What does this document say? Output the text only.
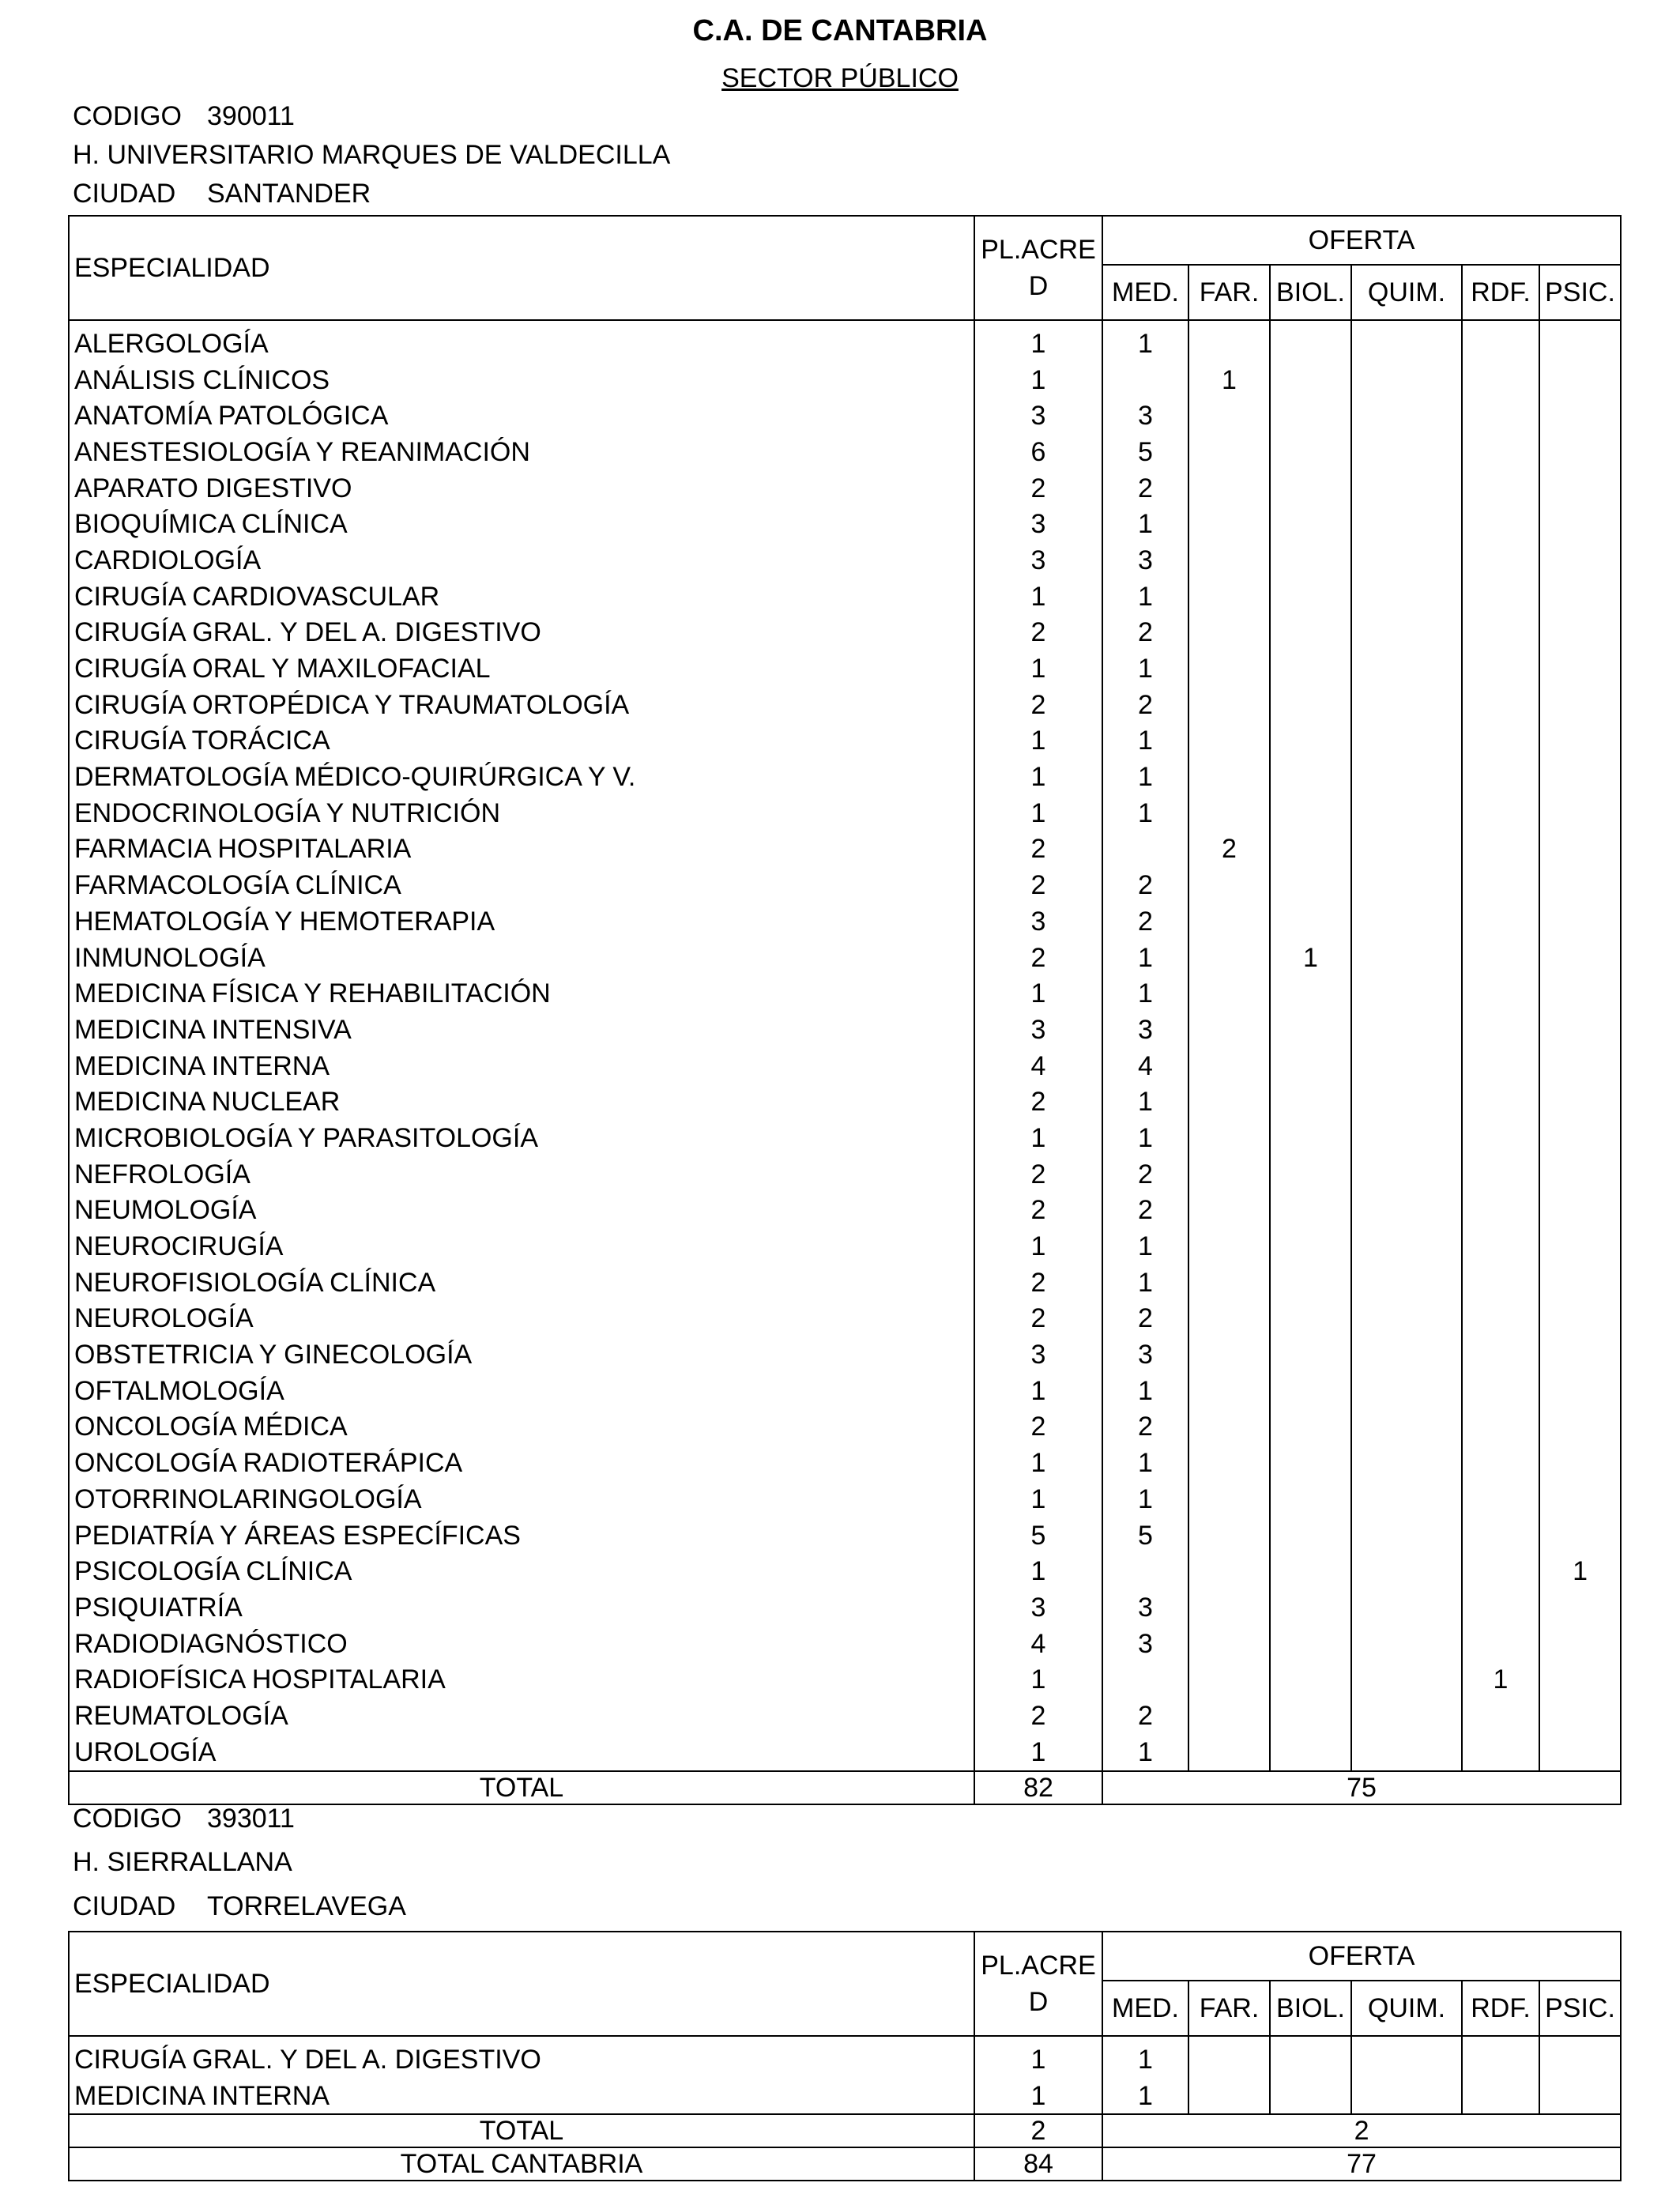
C.A. DE CANTABRIA
SECTOR PÚBLICO
CODIGO 390011
H. UNIVERSITARIO MARQUES DE VALDECILLA
CIUDAD SANTANDER
ESPECIALIDAD	PL.ACRE
D	OFERTA					
		MED.	FAR.	BIOL.	QUIM.	RDF.	PSIC.
ALERGOLOGÍA	1	1					
ANÁLISIS CLÍNICOS	1		1				
ANATOMÍA PATOLÓGICA	3	3					
ANESTESIOLOGÍA Y REANIMACIÓN	6	5					
APARATO DIGESTIVO	2	2					
BIOQUÍMICA CLÍNICA	3	1					
CARDIOLOGÍA	3	3					
CIRUGÍA CARDIOVASCULAR	1	1					
CIRUGÍA GRAL. Y DEL A. DIGESTIVO	2	2					
CIRUGÍA ORAL Y MAXILOFACIAL	1	1					
CIRUGÍA ORTOPÉDICA Y TRAUMATOLOGÍA	2	2					
CIRUGÍA TORÁCICA	1	1					
DERMATOLOGÍA MÉDICO-QUIRÚRGICA Y V.	1	1					
ENDOCRINOLOGÍA Y NUTRICIÓN	1	1					
FARMACIA HOSPITALARIA	2		2				
FARMACOLOGÍA CLÍNICA	2	2					
HEMATOLOGÍA Y HEMOTERAPIA	3	2					
INMUNOLOGÍA	2	1		1			
MEDICINA FÍSICA Y REHABILITACIÓN	1	1					
MEDICINA INTENSIVA	3	3					
MEDICINA INTERNA	4	4					
MEDICINA NUCLEAR	2	1					
MICROBIOLOGÍA Y PARASITOLOGÍA	1	1					
NEFROLOGÍA	2	2					
NEUMOLOGÍA	2	2					
NEUROCIRUGÍA	1	1					
NEUROFISIOLOGÍA CLÍNICA	2	1					
NEUROLOGÍA	2	2					
OBSTETRICIA Y GINECOLOGÍA	3	3					
OFTALMOLOGÍA	1	1					
ONCOLOGÍA MÉDICA	2	2					
ONCOLOGÍA RADIOTERÁPICA	1	1					
OTORRINOLARINGOLOGÍA	1	1					
PEDIATRÍA Y ÁREAS ESPECÍFICAS	5	5					
PSICOLOGÍA CLÍNICA	1						1
PSIQUIATRÍA	3	3					
RADIODIAGNÓSTICO	4	3					
RADIOFÍSICA HOSPITALARIA	1					1	
REUMATOLOGÍA	2	2					
UROLOGÍA	1	1					
TOTAL	82	75					
CODIGO 393011
H. SIERRALLANA
CIUDAD TORRELAVEGA
ESPECIALIDAD	PL.ACRE
D	OFERTA					
		MED.	FAR.	BIOL.	QUIM.	RDF.	PSIC.
CIRUGÍA GRAL. Y DEL A. DIGESTIVO	1	1					
MEDICINA INTERNA	1	1					
TOTAL	2	2					
TOTAL CANTABRIA	84	77					
